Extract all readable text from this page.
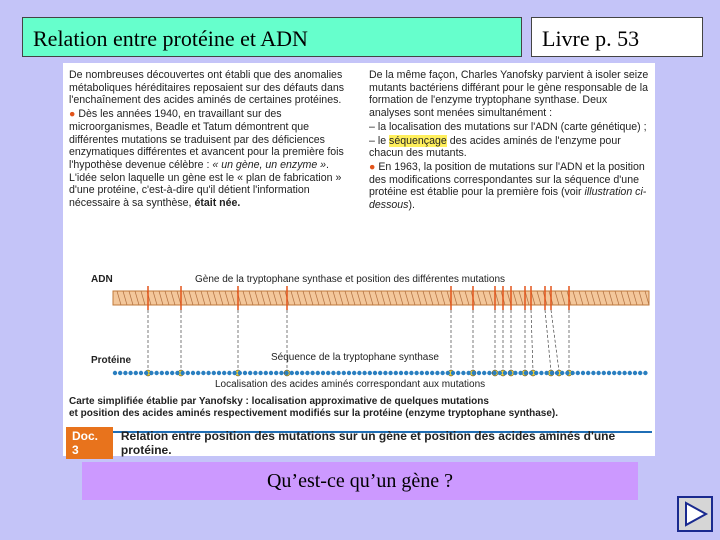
Relation entre protéine et ADN	Livre p. 53

De nombreuses découvertes ont établi que des anomalies métaboliques héréditaires reposaient sur des défauts dans l'enchaînement des acides aminés de certaines protéines.

● Dès les années 1940, en travaillant sur des microorganismes, Beadle et Tatum démontrent que différentes mutations se traduisent par des déficiences enzymatiques différentes et avancent pour la première fois l'hypothèse devenue célèbre : « un gène, un enzyme ». L'idée selon laquelle un gène est le « plan de fabrication » d'une protéine, c'est-à-dire qu'il détient l'information nécessaire à sa synthèse, était née.

De la même façon, Charles Yanofsky parvient à isoler seize mutants bactériens différant pour le gène responsable de la formation de l'enzyme tryptophane synthase. Deux analyses sont menées simultanément :

– la localisation des mutations sur l'ADN (carte génétique) ;

– le séquençage des acides aminés de l'enzyme pour chacun des mutants.

● En 1963, la position de mutations sur l'ADN et la position des modifications correspondantes sur la séquence d'une protéine est établie pour la première fois (voir illustration ci-dessous).

ADN	Gène de la tryptophane synthase et position des différentes mutations
Protéine	Séquence de la tryptophane synthase
Localisation des acides aminés correspondant aux mutations
Carte simplifiée établie par Yanofsky : localisation approximative de quelques mutations
et position des acides aminés respectivement modifiés sur la protéine (enzyme tryptophane synthase).
Doc. 3
Relation entre position des mutations sur un gène et position des acides aminés d'une protéine.
Qu’est-ce qu’un gène ?
